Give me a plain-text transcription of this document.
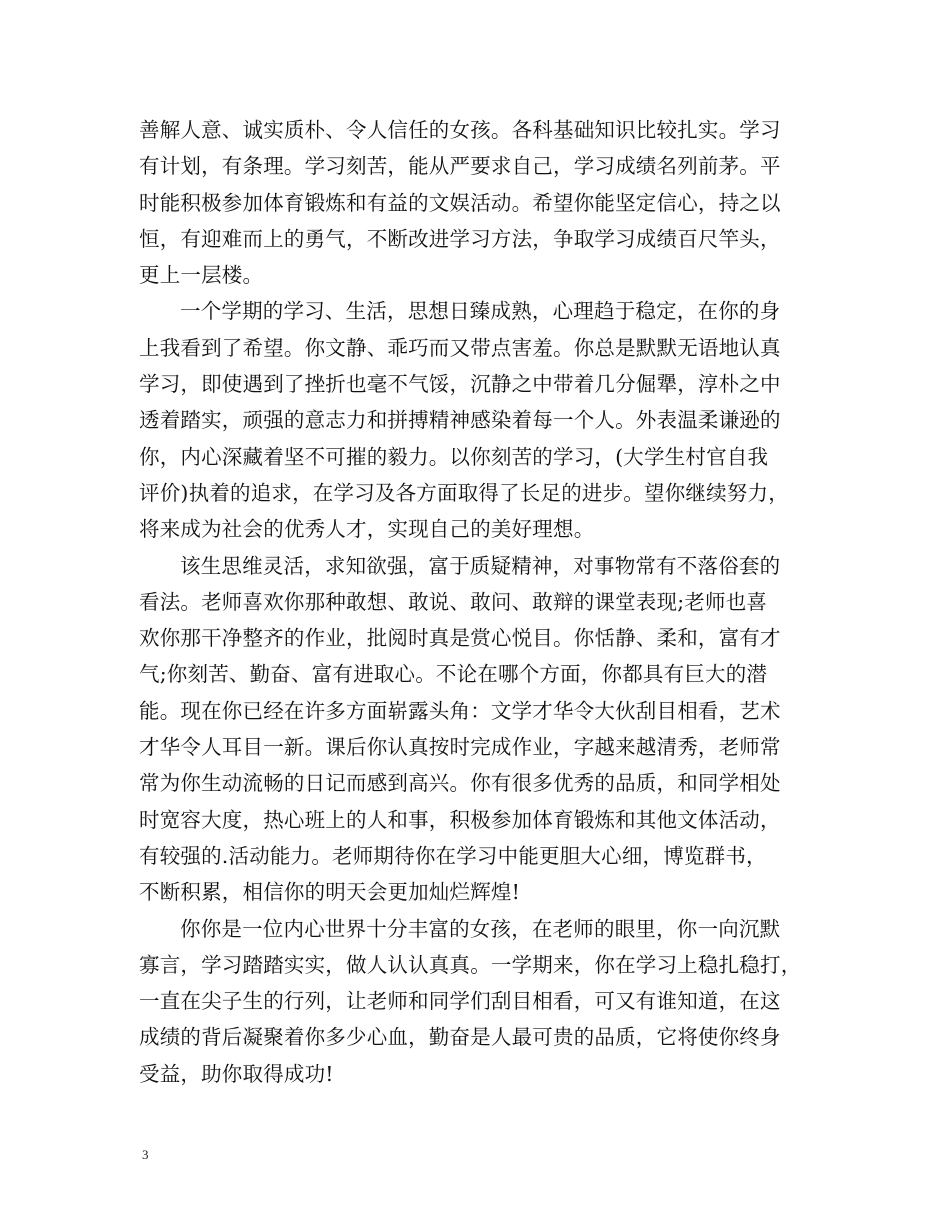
善解人意、诚实质朴、令人信任的女孩。各科基础知识比较扎实。学习
有计划，有条理。学习刻苦，能从严要求自己，学习成绩名列前茅。平
时能积极参加体育锻炼和有益的文娱活动。希望你能坚定信心，持之以
恒，有迎难而上的勇气，不断改进学习方法，争取学习成绩百尺竿头，
更上一层楼。
一个学期的学习、生活，思想日臻成熟，心理趋于稳定，在你的身
上我看到了希望。你文静、乖巧而又带点害羞。你总是默默无语地认真
学习，即使遇到了挫折也毫不气馁，沉静之中带着几分倔犟，淳朴之中
透着踏实，顽强的意志力和拼搏精神感染着每一个人。外表温柔谦逊的
你，内心深藏着坚不可摧的毅力。以你刻苦的学习，(大学生村官自我
评价)执着的追求，在学习及各方面取得了长足的进步。望你继续努力，
将来成为社会的优秀人才，实现自己的美好理想。
该生思维灵活，求知欲强，富于质疑精神，对事物常有不落俗套的
看法。老师喜欢你那种敢想、敢说、敢问、敢辩的课堂表现;老师也喜
欢你那干净整齐的作业，批阅时真是赏心悦目。你恬静、柔和，富有才
气;你刻苦、勤奋、富有进取心。不论在哪个方面，你都具有巨大的潜
能。现在你已经在许多方面崭露头角：文学才华令大伙刮目相看，艺术
才华令人耳目一新。课后你认真按时完成作业，字越来越清秀，老师常
常为你生动流畅的日记而感到高兴。你有很多优秀的品质，和同学相处
时宽容大度，热心班上的人和事，积极参加体育锻炼和其他文体活动，
有较强的.活动能力。老师期待你在学习中能更胆大心细，博览群书，
不断积累，相信你的明天会更加灿烂辉煌!
你你是一位内心世界十分丰富的女孩，在老师的眼里，你一向沉默
寡言，学习踏踏实实，做人认认真真。一学期来，你在学习上稳扎稳打，
一直在尖子生的行列，让老师和同学们刮目相看，可又有谁知道，在这
成绩的背后凝聚着你多少心血，勤奋是人最可贵的品质，它将使你终身
受益，助你取得成功!
3
